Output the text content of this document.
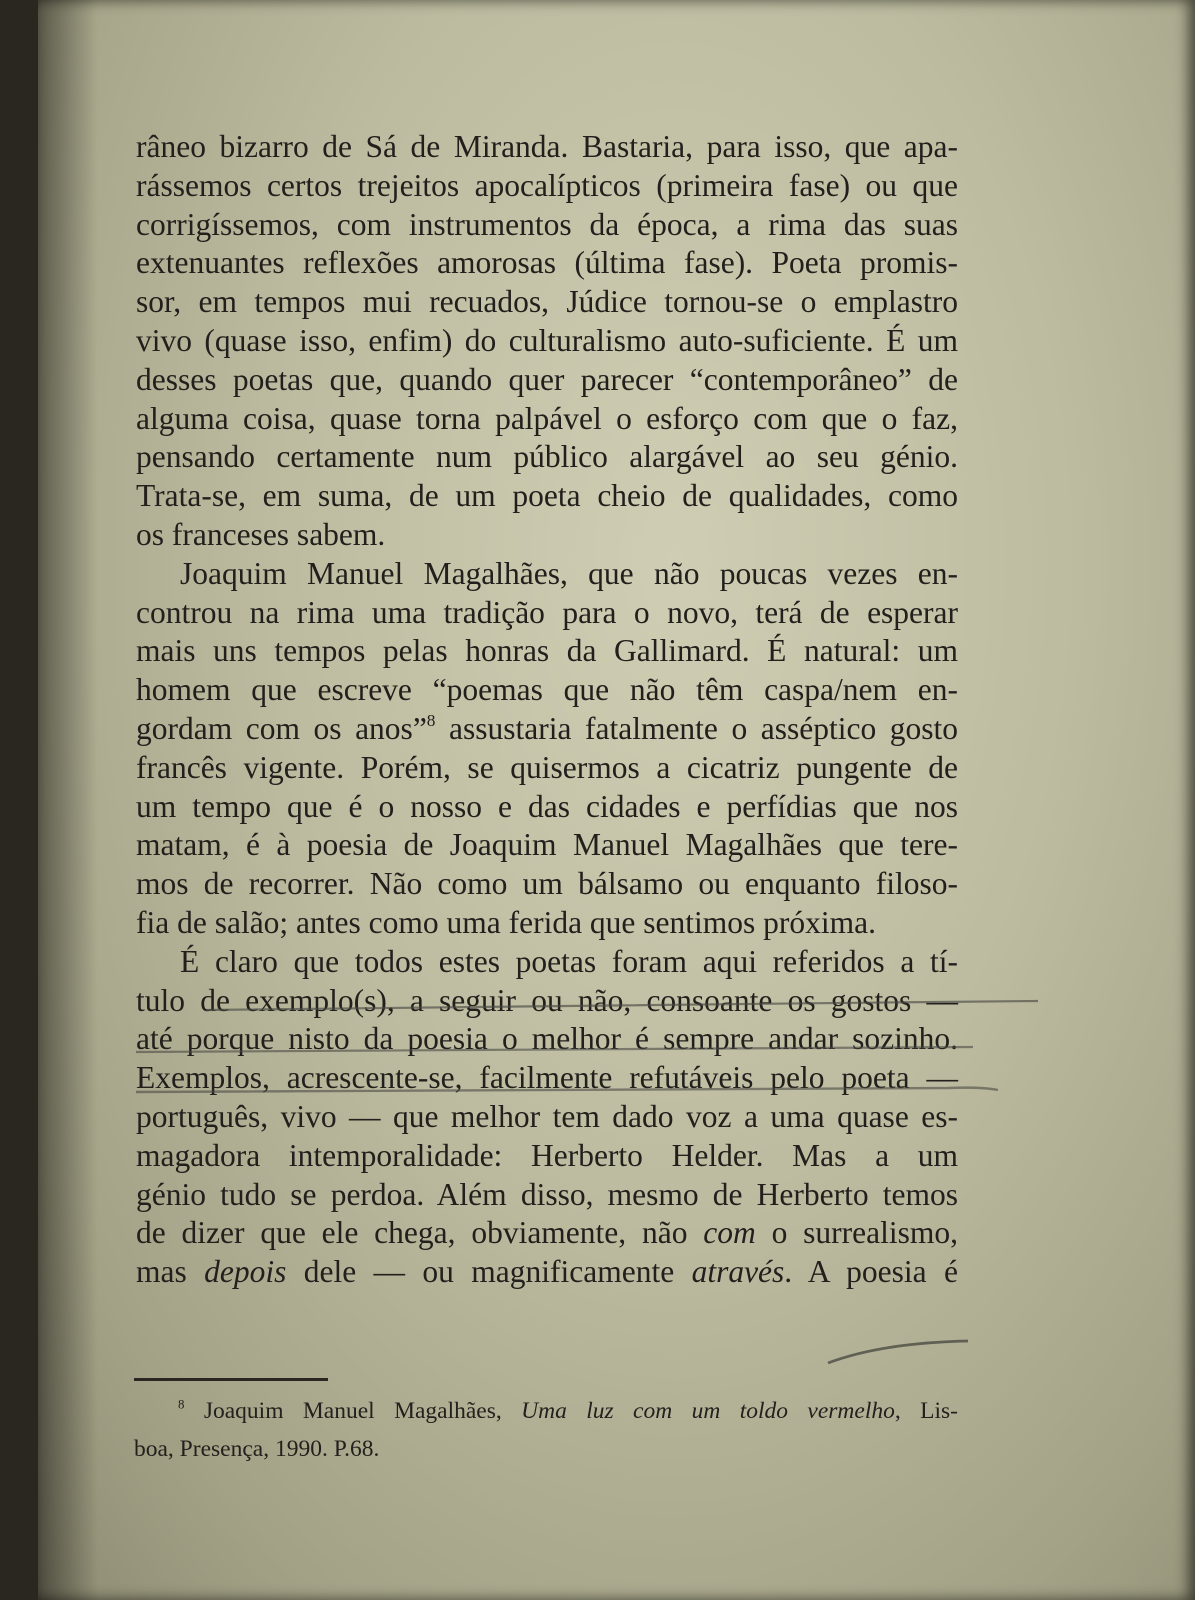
râneo bizarro de Sá de Miranda. Bastaria, para isso, que apa-
rássemos certos trejeitos apocalípticos (primeira fase) ou que
corrigíssemos, com instrumentos da época, a rima das suas
extenuantes reflexões amorosas (última fase). Poeta promis-
sor, em tempos mui recuados, Júdice tornou-se o emplastro
vivo (quase isso, enfim) do culturalismo auto-suficiente. É um
desses poetas que, quando quer parecer “contemporâneo” de
alguma coisa, quase torna palpável o esforço com que o faz,
pensando certamente num público alargável ao seu génio.
Trata-se, em suma, de um poeta cheio de qualidades, como
os franceses sabem.
Joaquim Manuel Magalhães, que não poucas vezes en-
controu na rima uma tradição para o novo, terá de esperar
mais uns tempos pelas honras da Gallimard. É natural: um
homem que escreve “poemas que não têm caspa/nem en-
gordam com os anos”$^8$ assustaria fatalmente o asséptico gosto
francês vigente. Porém, se quisermos a cicatriz pungente de
um tempo que é o nosso e das cidades e perfídias que nos
matam, é à poesia de Joaquim Manuel Magalhães que tere-
mos de recorrer. Não como um bálsamo ou enquanto filoso-
fia de salão; antes como uma ferida que sentimos próxima.
É claro que todos estes poetas foram aqui referidos a tí-
tulo de exemplo(s), a seguir ou não, consoante os gostos —
até porque nisto da poesia o melhor é sempre andar sozinho.
Exemplos, acrescente-se, facilmente refutáveis pelo poeta —
português, vivo — que melhor tem dado voz a uma quase es-
magadora intemporalidade: Herberto Helder. Mas a um
génio tudo se perdoa. Além disso, mesmo de Herberto temos
de dizer que ele chega, obviamente, não com o surrealismo,
mas depois dele — ou magnificamente através. A poesia é
$^8$ Joaquim Manuel Magalhães, Uma luz com um toldo vermelho, Lis-
boa, Presença, 1990. P.68.
